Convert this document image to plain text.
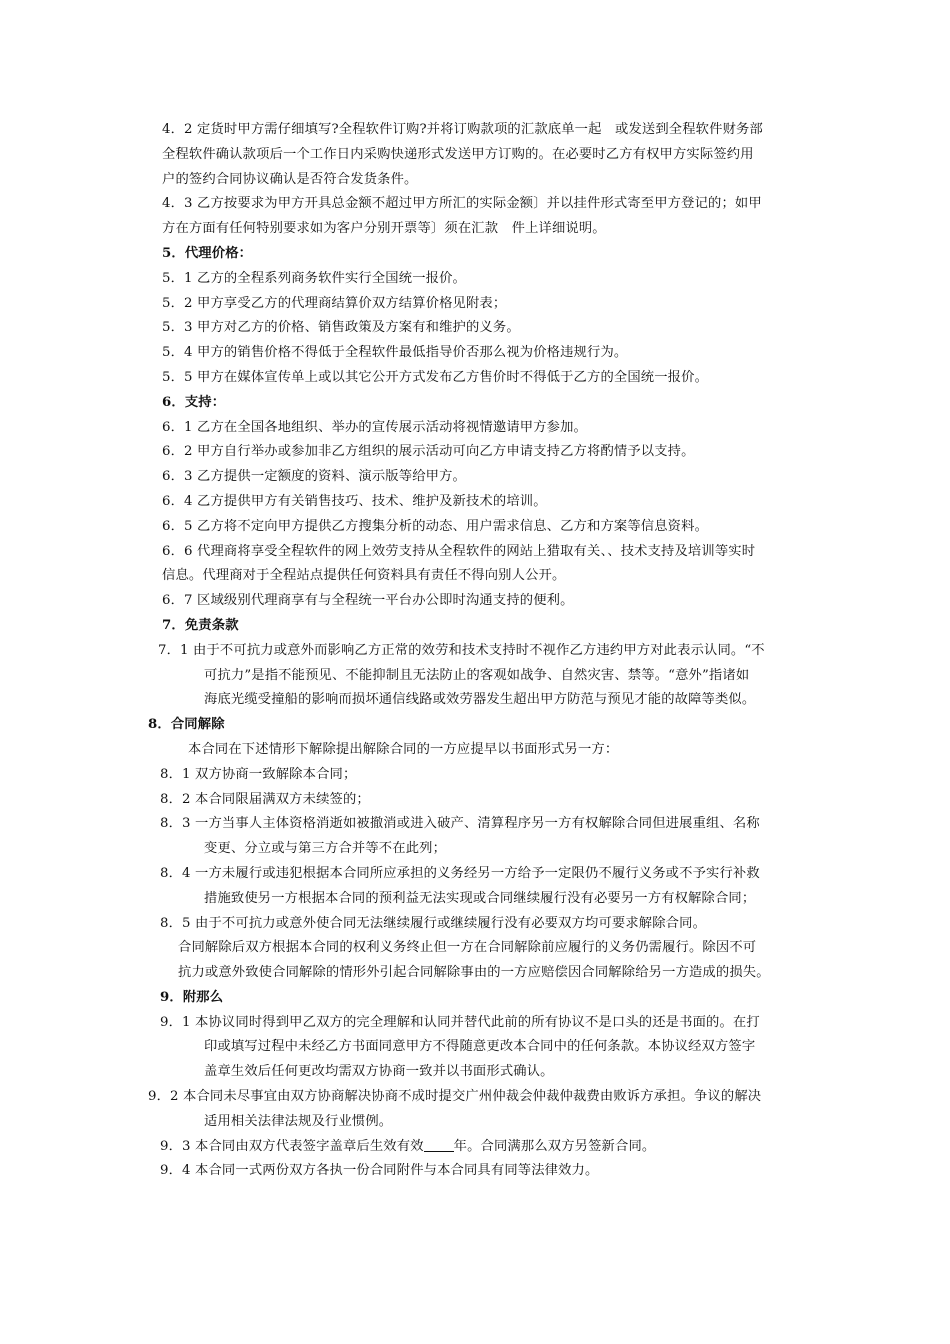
4．2 定货时甲方需仔细填写?全程软件订购?并将订购款项的汇款底单一起　或发送到全程软件财务部
全程软件确认款项后一个工作日内采购快递形式发送甲方订购的。在必要时乙方有权甲方实际签约用
户的签约合同协议确认是否符合发货条件。
4．3 乙方按要求为甲方开具总金额不超过甲方所汇的实际金额〕并以挂件形式寄至甲方登记的；如甲
方在方面有任何特别要求如为客户分别开票等〕须在汇款　件上详细说明。
5．代理价格：
5．1 乙方的全程系列商务软件实行全国统一报价。
5．2 甲方享受乙方的代理商结算价双方结算价格见附表；
5．3 甲方对乙方的价格、销售政策及方案有和维护的义务。
5．4 甲方的销售价格不得低于全程软件最低指导价否那么视为价格违规行为。
5．5 甲方在媒体宣传单上或以其它公开方式发布乙方售价时不得低于乙方的全国统一报价。
6．支持：
6．1 乙方在全国各地组织、举办的宣传展示活动将视情邀请甲方参加。
6．2 甲方自行举办或参加非乙方组织的展示活动可向乙方申请支持乙方将酌情予以支持。
6．3 乙方提供一定额度的资料、演示版等给甲方。
6．4 乙方提供甲方有关销售技巧、技术、维护及新技术的培训。
6．5 乙方将不定向甲方提供乙方搜集分析的动态、用户需求信息、乙方和方案等信息资料。
6．6 代理商将享受全程软件的网上效劳支持从全程软件的网站上猎取有关、、技术支持及培训等实时
信息。代理商对于全程站点提供任何资料具有责任不得向别人公开。
6．7 区域级别代理商享有与全程统一平台办公即时沟通支持的便利。
7．免责条款
7．1 由于不可抗力或意外而影响乙方正常的效劳和技术支持时不视作乙方违约甲方对此表示认同。“不
可抗力”是指不能预见、不能抑制且无法防止的客观如战争、自然灾害、禁等。“意外”指诸如
海底光缆受撞船的影响而损坏通信线路或效劳器发生超出甲方防范与预见才能的故障等类似。
8．合同解除
本合同在下述情形下解除提出解除合同的一方应提早以书面形式另一方：
8．1 双方协商一致解除本合同；
8．2 本合同限届满双方未续签的；
8．3 一方当事人主体资格消逝如被撤消或进入破产、清算程序另一方有权解除合同但进展重组、名称
变更、分立或与第三方合并等不在此列；
8．4 一方未履行或违犯根据本合同所应承担的义务经另一方给予一定限仍不履行义务或不予实行补救
措施致使另一方根据本合同的预利益无法实现或合同继续履行没有必要另一方有权解除合同；
8．5 由于不可抗力或意外使合同无法继续履行或继续履行没有必要双方均可要求解除合同。
合同解除后双方根据本合同的权利义务终止但一方在合同解除前应履行的义务仍需履行。除因不可
抗力或意外致使合同解除的情形外引起合同解除事由的一方应赔偿因合同解除给另一方造成的损失。
9．附那么
9．1 本协议同时得到甲乙双方的完全理解和认同并替代此前的所有协议不是口头的还是书面的。在打
印或填写过程中未经乙方书面同意甲方不得随意更改本合同中的任何条款。本协议经双方签字
盖章生效后任何更改均需双方协商一致并以书面形式确认。
9．2 本合同未尽事宜由双方协商解决协商不成时提交广州仲裁会仲裁仲裁费由败诉方承担。争议的解决
适用相关法律法规及行业惯例。
9．3 本合同由双方代表签字盖章后生效有效 年。合同满那么双方另签新合同。
9．4 本合同一式两份双方各执一份合同附件与本合同具有同等法律效力。
